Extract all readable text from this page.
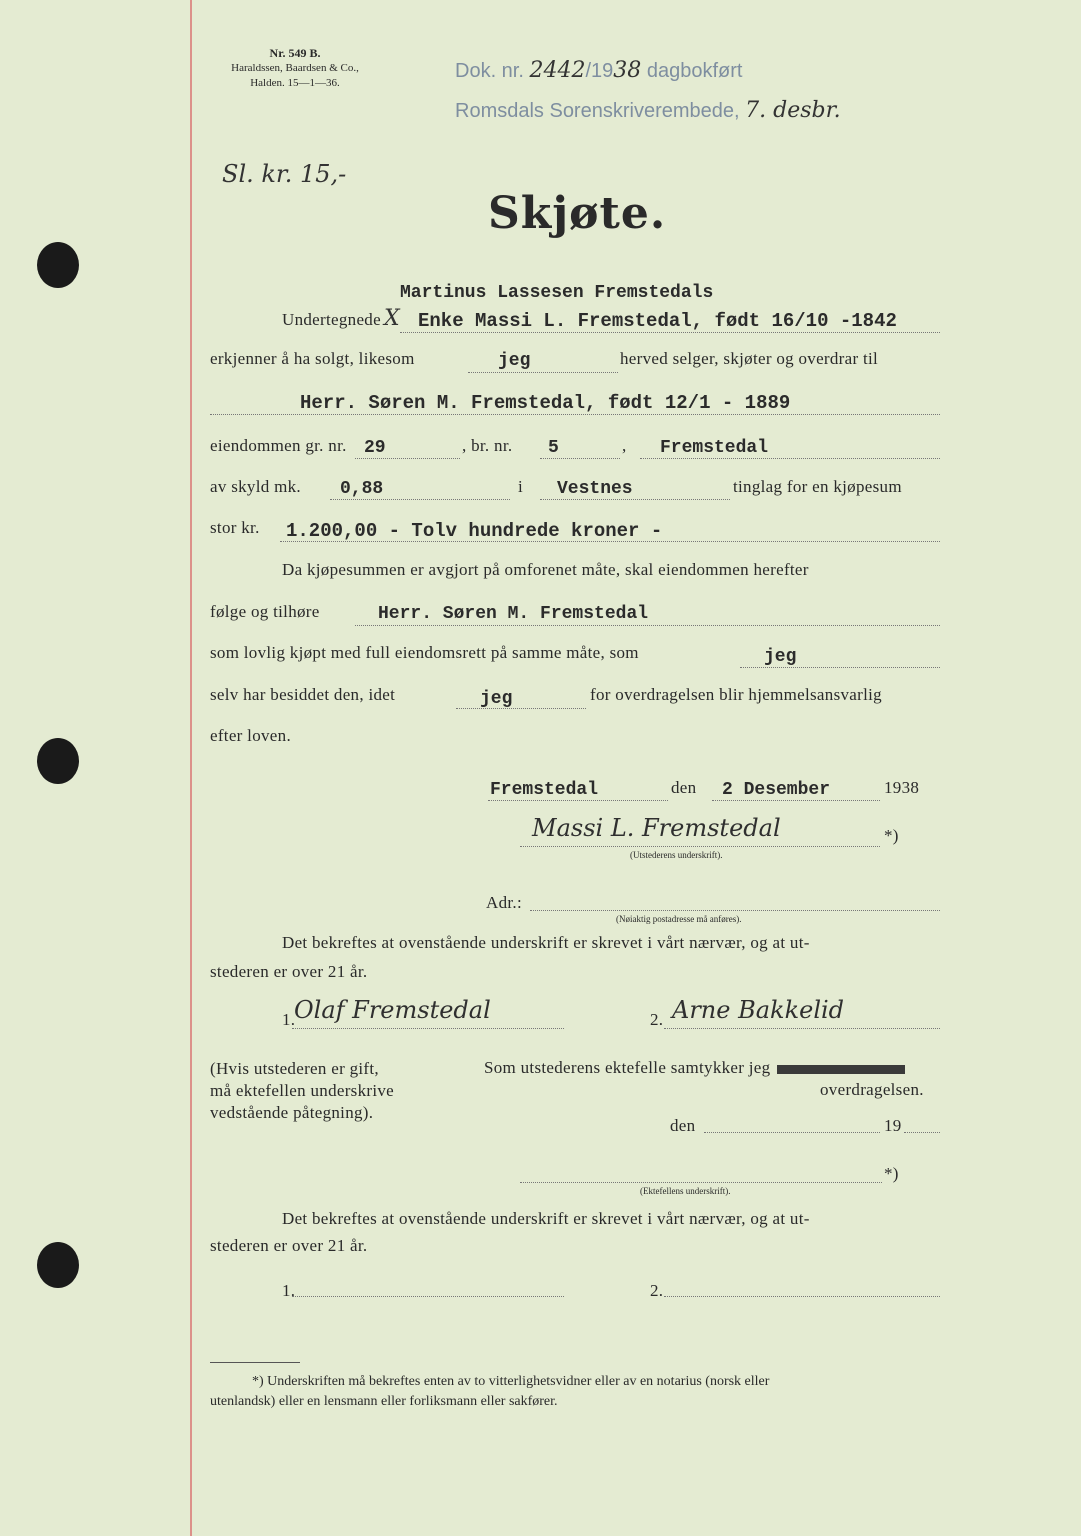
Nr. 549 B.
Haraldssen, Baardsen & Co.,
Halden. 15—1—36.
Dok. nr. 2442/1938 dagbokført
Romsdals Sorenskriverembede, 7. desbr.
Sl. kr. 15,-
Skjøte.
Martinus Lassesen Fremstedals
Undertegnede X Enke Massi L. Fremstedal, født 16/10 -1842
erkjenner å ha solgt, likesom	jeg	herved selger, skjøter og overdrar til
Herr. Søren M. Fremstedal, født 12/1 - 1889
eiendommen gr. nr. 29	, br. nr. 5	, Fremstedal
av skyld mk. 0,88	i Vestnes	tinglag for en kjøpesum
stor kr. 1.200,00 - Tolv hundrede kroner -
Da kjøpesummen er avgjort på omforenet måte, skal eiendommen herefter
følge og tilhøre	Herr. Søren M. Fremstedal
som lovlig kjøpt med full eiendomsrett på samme måte, som	jeg
selv har besiddet den, idet	jeg	for overdragelsen blir hjemmelsansvarlig
efter loven.
Fremstedal	den 2 Desember	1938
Massi L. Fremstedal	*)
(Utstederens underskrift).
Adr.:
(Nøiaktig postadresse må anføres).
Det bekreftes at ovenstående underskrift er skrevet i vårt nærvær, og at ut-
stederen er over 21 år.
1.
Olaf Fremstedal	2. Arne Bakkelid
(Hvis utstederen er gift,
må ektefellen underskrive
vedstående påtegning).
Som utstederens ektefelle samtykker jeg
overdragelsen.
den	19
*)
(Ektefellens underskrift).
Det bekreftes at ovenstående underskrift er skrevet i vårt nærvær, og at ut-
stederen er over 21 år.
1.	2.
*) Underskriften må bekreftes enten av to vitterlighetsvidner eller av en notarius (norsk eller
utenlandsk) eller en lensmann eller forliksmann eller sakfører.
